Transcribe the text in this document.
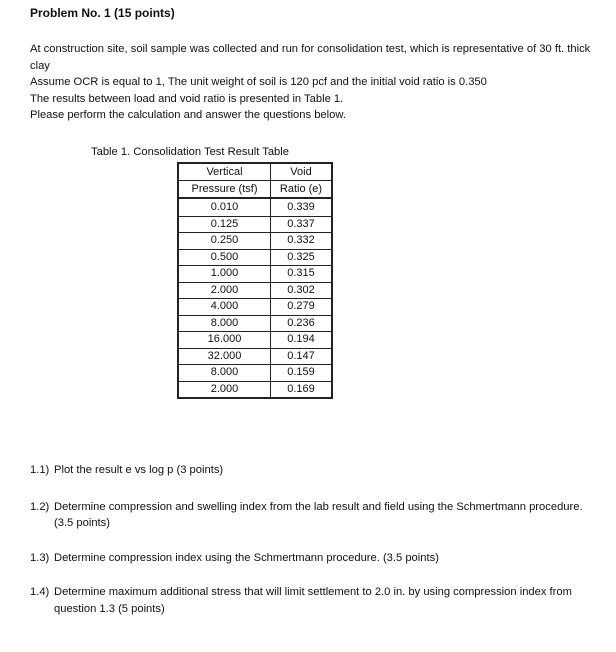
Problem No. 1 (15 points)

At construction site, soil sample was collected and run for consolidation test, which is representative of 30 ft. thick clay

Assume OCR is equal to 1, The unit weight of soil is 120 pcf and the initial void ratio is 0.350

The results between load and void ratio is presented in Table 1.

Please perform the calculation and answer the questions below.

Table 1. Consolidation Test Result Table
Vertical	Void
Pressure (tsf)	Ratio (e)
0.010	0.339
0.125	0.337
0.250	0.332
0.500	0.325
1.000	0.315
2.000	0.302
4.000	0.279
8.000	0.236
16.000	0.194
32.000	0.147
8.000	0.159
2.000	0.169
1.1) Plot the result e vs log p (3 points)
1.2) Determine compression and swelling index from the lab result and field using the Schmertmann procedure. (3.5 points)
1.3) Determine compression index using the Schmertmann procedure. (3.5 points)
1.4) Determine maximum additional stress that will limit settlement to 2.0 in. by using compression index from question 1.3 (5 points)
